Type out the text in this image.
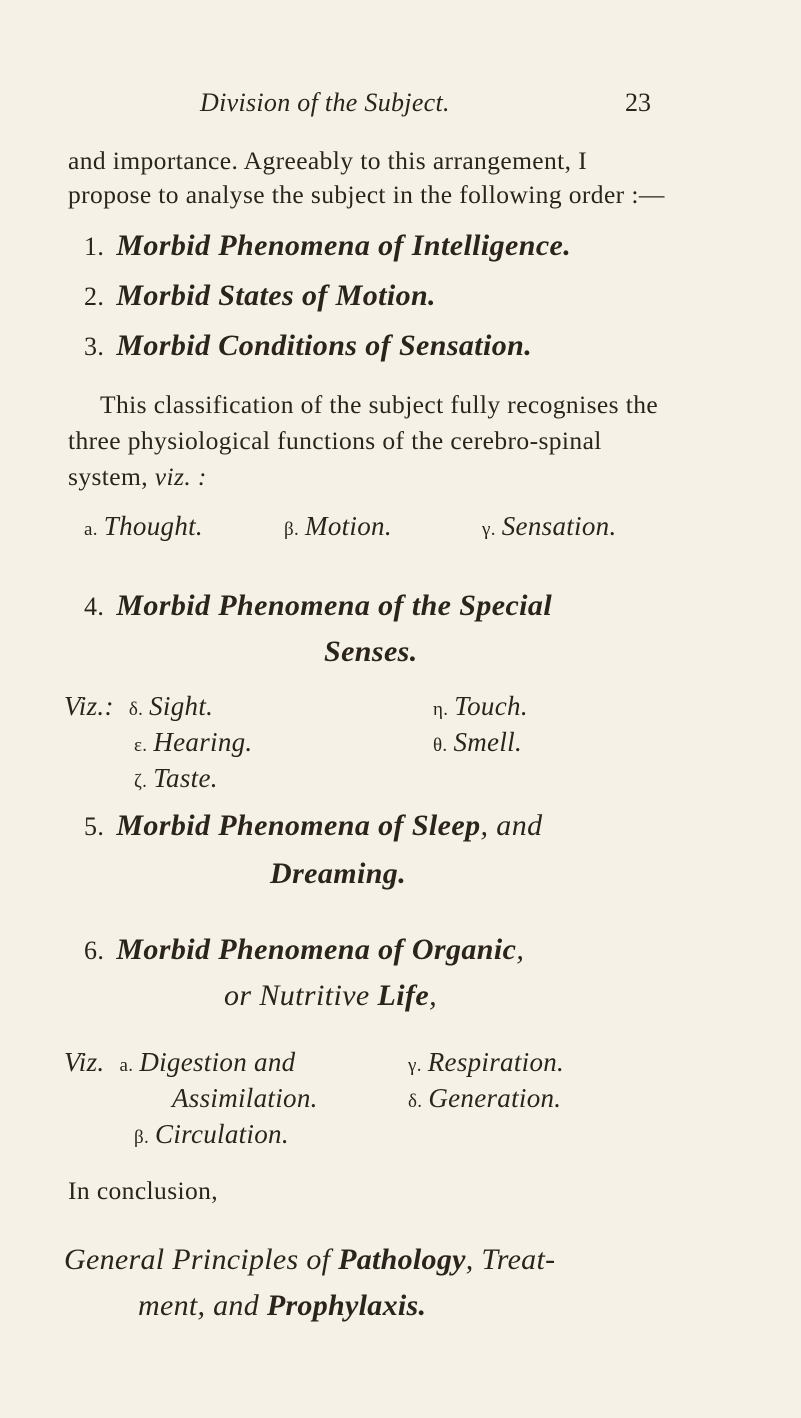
Division of the Subject.	23

and importance. Agreeably to this arrangement, I

propose to analyse the subject in the following order :—

1. Morbid Phenomena of Intelligence.
2. Morbid States of Motion.
3. Morbid Conditions of Sensation.

This classification of the subject fully recognises the

three physiological functions of the cerebro-spinal

system, viz. :

a. Thought.	β. Motion.	γ. Sensation.
4. Morbid Phenomena of the Special
Senses.
Viz.: δ. Sight.	η. Touch.
ε. Hearing.	θ. Smell.
ζ. Taste.
5. Morbid Phenomena of Sleep, and
Dreaming.
6. Morbid Phenomena of Organic,
or Nutritive Life,
Viz. a. Digestion and	γ. Respiration.
Assimilation.	δ. Generation.
β. Circulation.

In conclusion,

General Principles of Pathology, Treat-
ment, and Prophylaxis.
